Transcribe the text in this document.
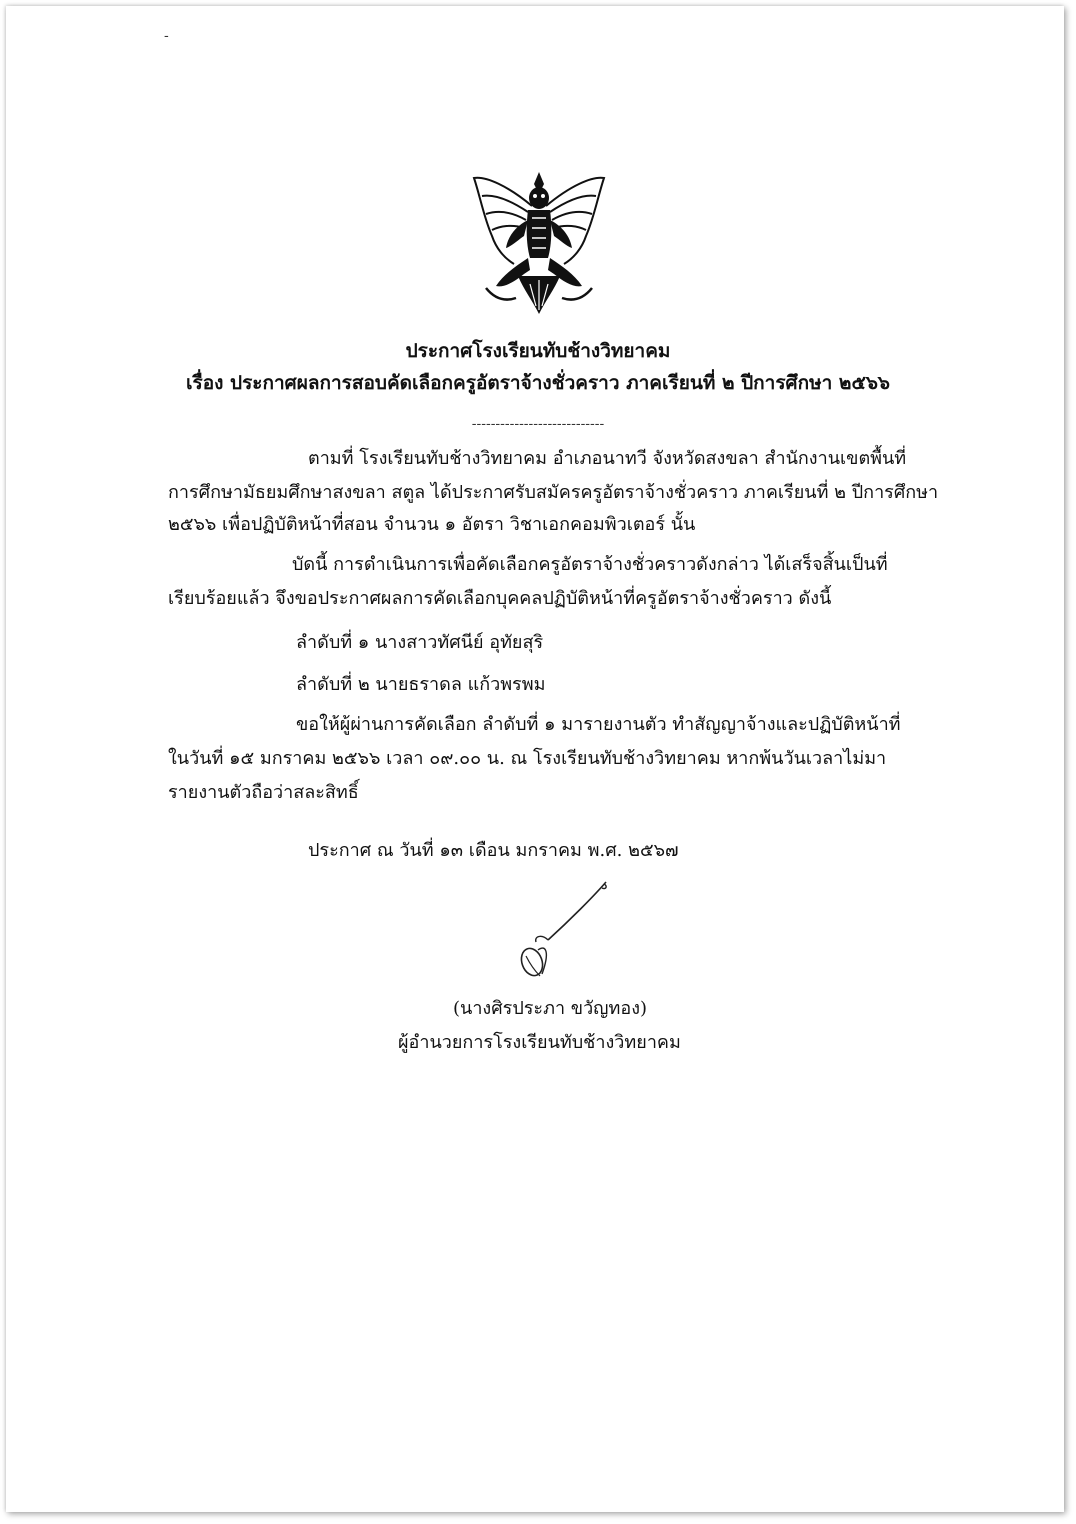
-
ประกาศโรงเรียนทับช้างวิทยาคม
เรื่อง ประกาศผลการสอบคัดเลือกครูอัตราจ้างชั่วคราว ภาคเรียนที่ ๒ ปีการศึกษา ๒๕๖๖
----------------------------
ตามที่ โรงเรียนทับช้างวิทยาคม อำเภอนาทวี จังหวัดสงขลา สำนักงานเขตพื้นที่
การศึกษามัธยมศึกษาสงขลา สตูล ได้ประกาศรับสมัครครูอัตราจ้างชั่วคราว ภาคเรียนที่ ๒ ปีการศึกษา
๒๕๖๖ เพื่อปฏิบัติหน้าที่สอน จำนวน ๑ อัตรา วิชาเอกคอมพิวเตอร์ นั้น
บัดนี้ การดำเนินการเพื่อคัดเลือกครูอัตราจ้างชั่วคราวดังกล่าว ได้เสร็จสิ้นเป็นที่
เรียบร้อยแล้ว จึงขอประกาศผลการคัดเลือกบุคคลปฏิบัติหน้าที่ครูอัตราจ้างชั่วคราว ดังนี้
ลำดับที่ ๑ นางสาวทัศนีย์ อุทัยสุริ
ลำดับที่ ๒ นายธราดล แก้วพรพม
ขอให้ผู้ผ่านการคัดเลือก ลำดับที่ ๑ มารายงานตัว ทำสัญญาจ้างและปฏิบัติหน้าที่
ในวันที่ ๑๕ มกราคม ๒๕๖๖ เวลา ๐๙.๐๐ น. ณ โรงเรียนทับช้างวิทยาคม หากพ้นวันเวลาไม่มา
รายงานตัวถือว่าสละสิทธิ์
ประกาศ ณ วันที่ ๑๓ เดือน มกราคม พ.ศ. ๒๕๖๗
(นางศิรประภา ขวัญทอง)
ผู้อำนวยการโรงเรียนทับช้างวิทยาคม
